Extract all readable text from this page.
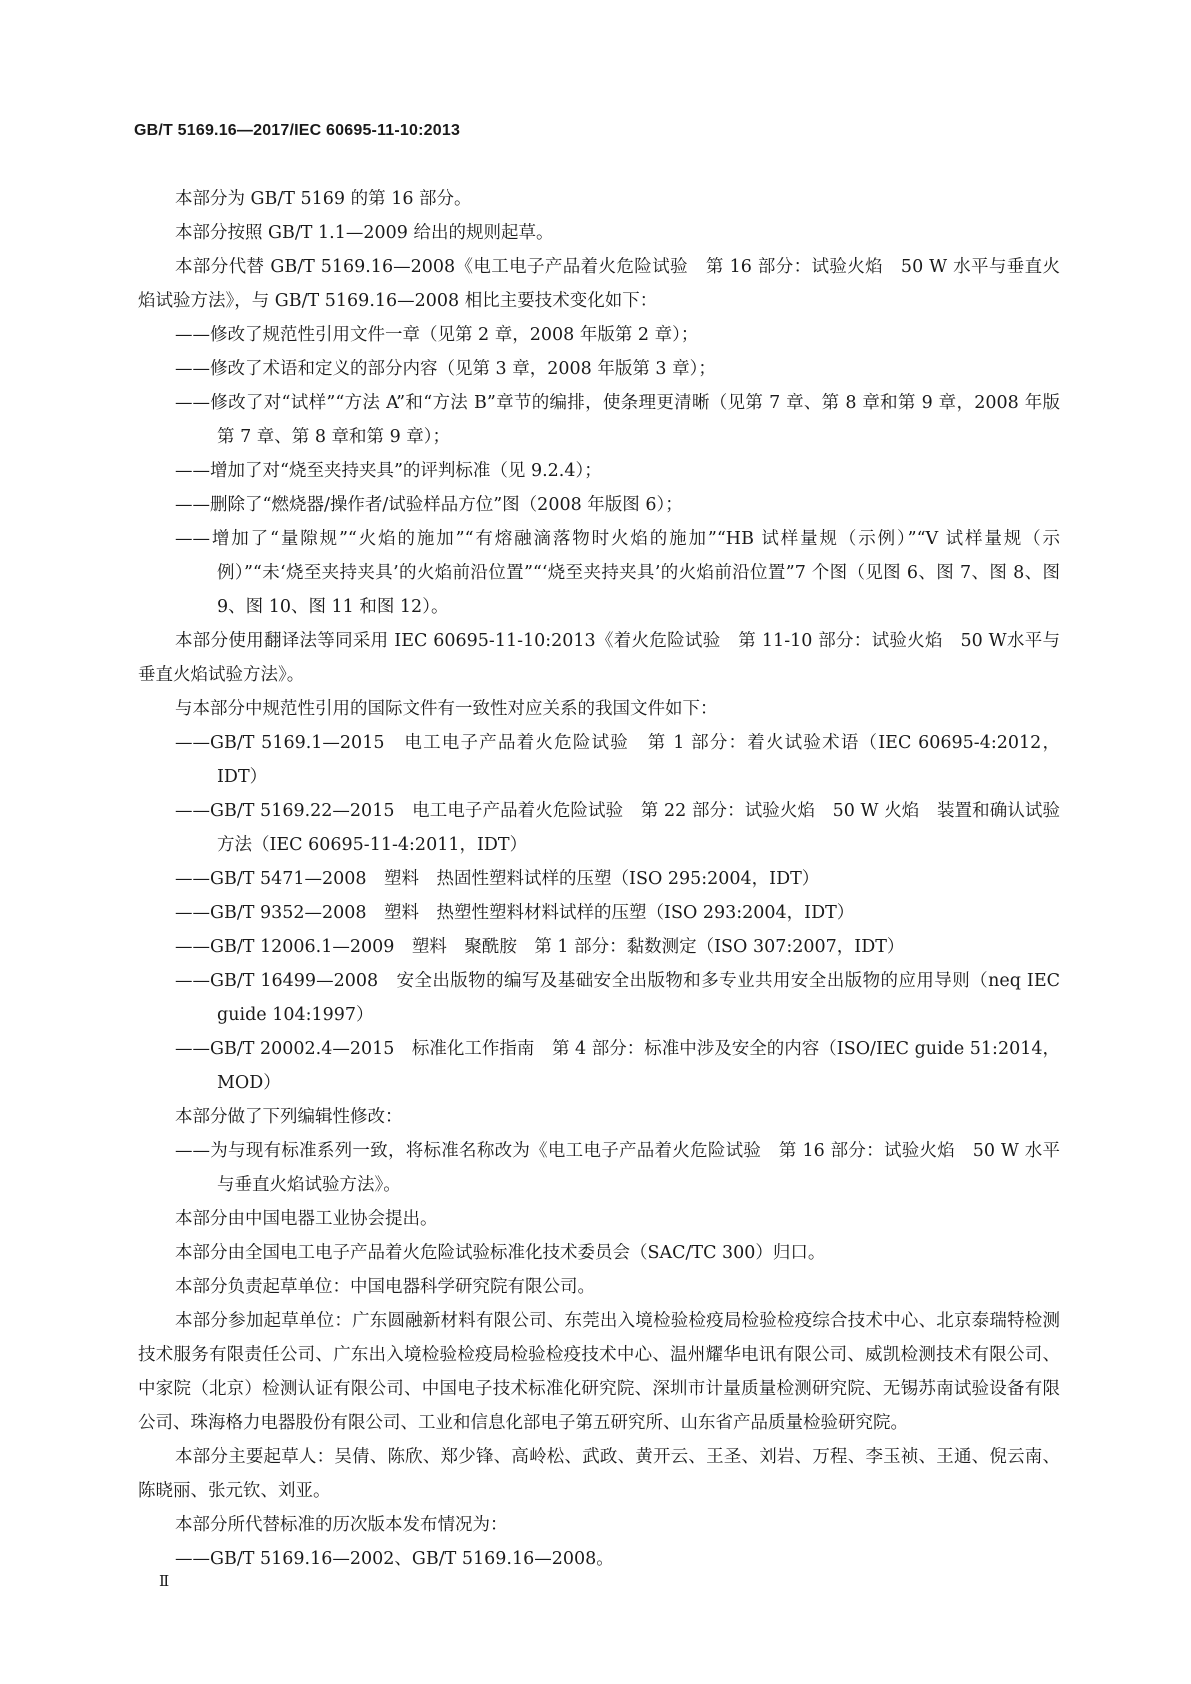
GB/T 5169.16—2017/IEC 60695-11-10:2013

本部分为 GB/T 5169 的第 16 部分。

本部分按照 GB/T 1.1—2009 给出的规则起草。

本部分代替 GB/T 5169.16—2008《电工电子产品着火危险试验　第 16 部分：试验火焰　50 W 水平与垂直火焰试验方法》，与 GB/T 5169.16—2008 相比主要技术变化如下：

——修改了规范性引用文件一章（见第 2 章，2008 年版第 2 章）；

——修改了术语和定义的部分内容（见第 3 章，2008 年版第 3 章）；

——修改了对“试样”“方法 A”和“方法 B”章节的编排，使条理更清晰（见第 7 章、第 8 章和第 9 章，2008 年版第 7 章、第 8 章和第 9 章）；

——增加了对“烧至夹持夹具”的评判标准（见 9.2.4）；

——删除了“燃烧器/操作者/试验样品方位”图（2008 年版图 6）；

——增加了“量隙规”“火焰的施加”“有熔融滴落物时火焰的施加”“HB 试样量规（示例）”“V 试样量规（示例）”“未‘烧至夹持夹具’的火焰前沿位置”“‘烧至夹持夹具’的火焰前沿位置”7 个图（见图 6、图 7、图 8、图 9、图 10、图 11 和图 12）。

本部分使用翻译法等同采用 IEC 60695-11-10:2013《着火危险试验　第 11-10 部分：试验火焰　50 W水平与垂直火焰试验方法》。

与本部分中规范性引用的国际文件有一致性对应关系的我国文件如下：

——GB/T 5169.1—2015　电工电子产品着火危险试验　第 1 部分：着火试验术语（IEC 60695-4:2012，IDT）

——GB/T 5169.22—2015　电工电子产品着火危险试验　第 22 部分：试验火焰　50 W 火焰　装置和确认试验方法（IEC 60695-11-4:2011，IDT）

——GB/T 5471—2008　塑料　热固性塑料试样的压塑（ISO 295:2004，IDT）

——GB/T 9352—2008　塑料　热塑性塑料材料试样的压塑（ISO 293:2004，IDT）

——GB/T 12006.1—2009　塑料　聚酰胺　第 1 部分：黏数测定（ISO 307:2007，IDT）

——GB/T 16499—2008　安全出版物的编写及基础安全出版物和多专业共用安全出版物的应用导则（neq IEC guide 104:1997）

——GB/T 20002.4—2015　标准化工作指南　第 4 部分：标准中涉及安全的内容（ISO/IEC guide 51:2014，MOD）

本部分做了下列编辑性修改：

——为与现有标准系列一致，将标准名称改为《电工电子产品着火危险试验　第 16 部分：试验火焰　50 W 水平与垂直火焰试验方法》。

本部分由中国电器工业协会提出。

本部分由全国电工电子产品着火危险试验标准化技术委员会（SAC/TC 300）归口。

本部分负责起草单位：中国电器科学研究院有限公司。

本部分参加起草单位：广东圆融新材料有限公司、东莞出入境检验检疫局检验检疫综合技术中心、北京泰瑞特检测技术服务有限责任公司、广东出入境检验检疫局检验检疫技术中心、温州耀华电讯有限公司、威凯检测技术有限公司、中家院（北京）检测认证有限公司、中国电子技术标准化研究院、深圳市计量质量检测研究院、无锡苏南试验设备有限公司、珠海格力电器股份有限公司、工业和信息化部电子第五研究所、山东省产品质量检验研究院。

本部分主要起草人：吴倩、陈欣、郑少锋、高岭松、武政、黄开云、王圣、刘岩、万程、李玉祯、王通、倪云南、陈晓丽、张元钦、刘亚。

本部分所代替标准的历次版本发布情况为：

——GB/T 5169.16—2002、GB/T 5169.16—2008。

Ⅱ
